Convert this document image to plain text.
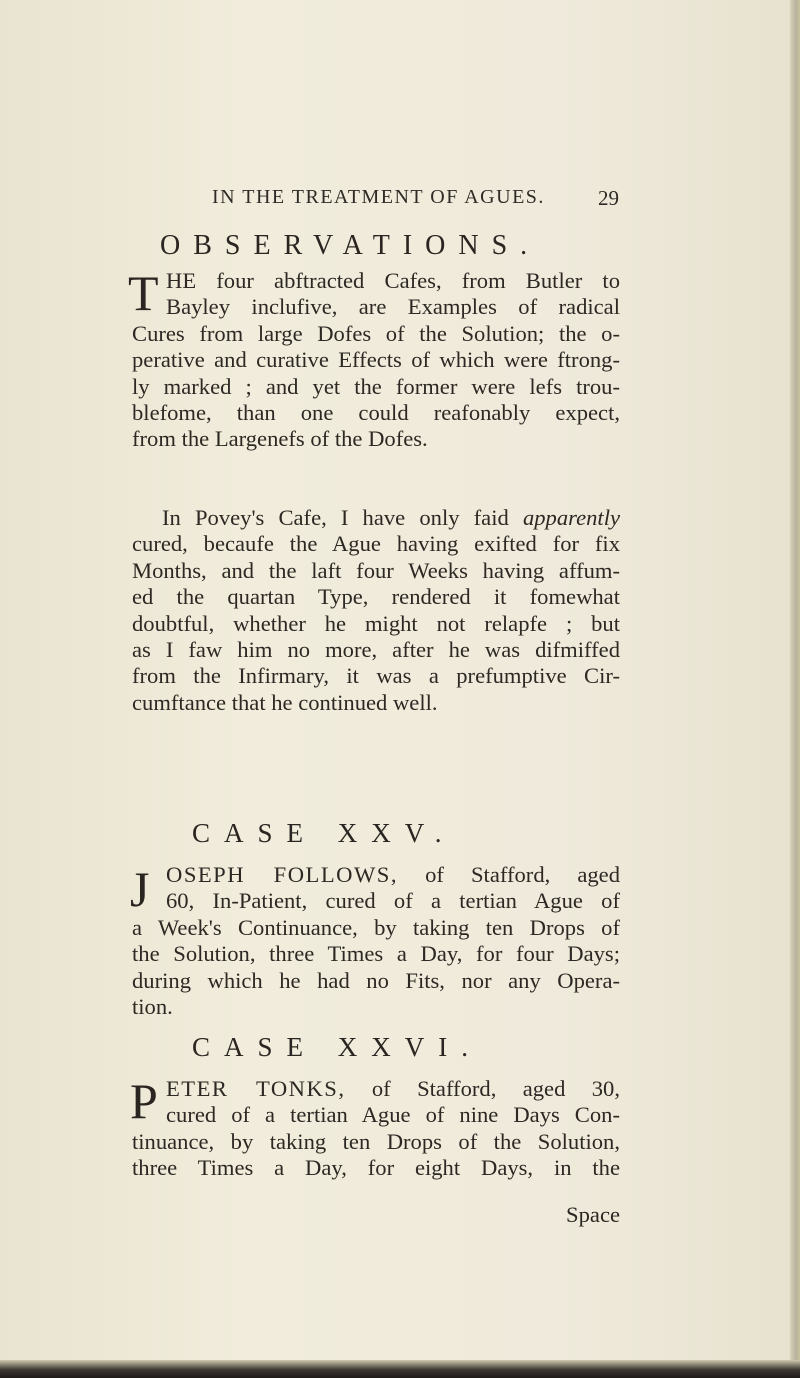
IN THE TREATMENT OF AGUES.	29
OBSERVATIONS.
T HE four abftracted Cafes, from Butler to
Bayley inclufive, are Examples of radical
Cures from large Dofes of the Solution; the o-
perative and curative Effects of which were ftrong-
ly marked ; and yet the former were lefs trou-
blefome, than one could reafonably expect,
from the Largenefs of the Dofes.
In Povey's Cafe, I have only faid apparently
cured, becaufe the Ague having exifted for fix
Months, and the laft four Weeks having affum-
ed the quartan Type, rendered it fomewhat
doubtful, whether he might not relapfe ; but
as I faw him no more, after he was difmiffed
from the Infirmary, it was a prefumptive Cir-
cumftance that he continued well.
CASE XXV.
J OSEPH FOLLOWS, of Stafford, aged
60, In-Patient, cured of a tertian Ague of
a Week's Continuance, by taking ten Drops of
the Solution, three Times a Day, for four Days;
during which he had no Fits, nor any Opera-
tion.
CASE XXVI.
P ETER TONKS, of Stafford, aged 30,
cured of a tertian Ague of nine Days Con-
tinuance, by taking ten Drops of the Solution,
three Times a Day, for eight Days, in the
Space
